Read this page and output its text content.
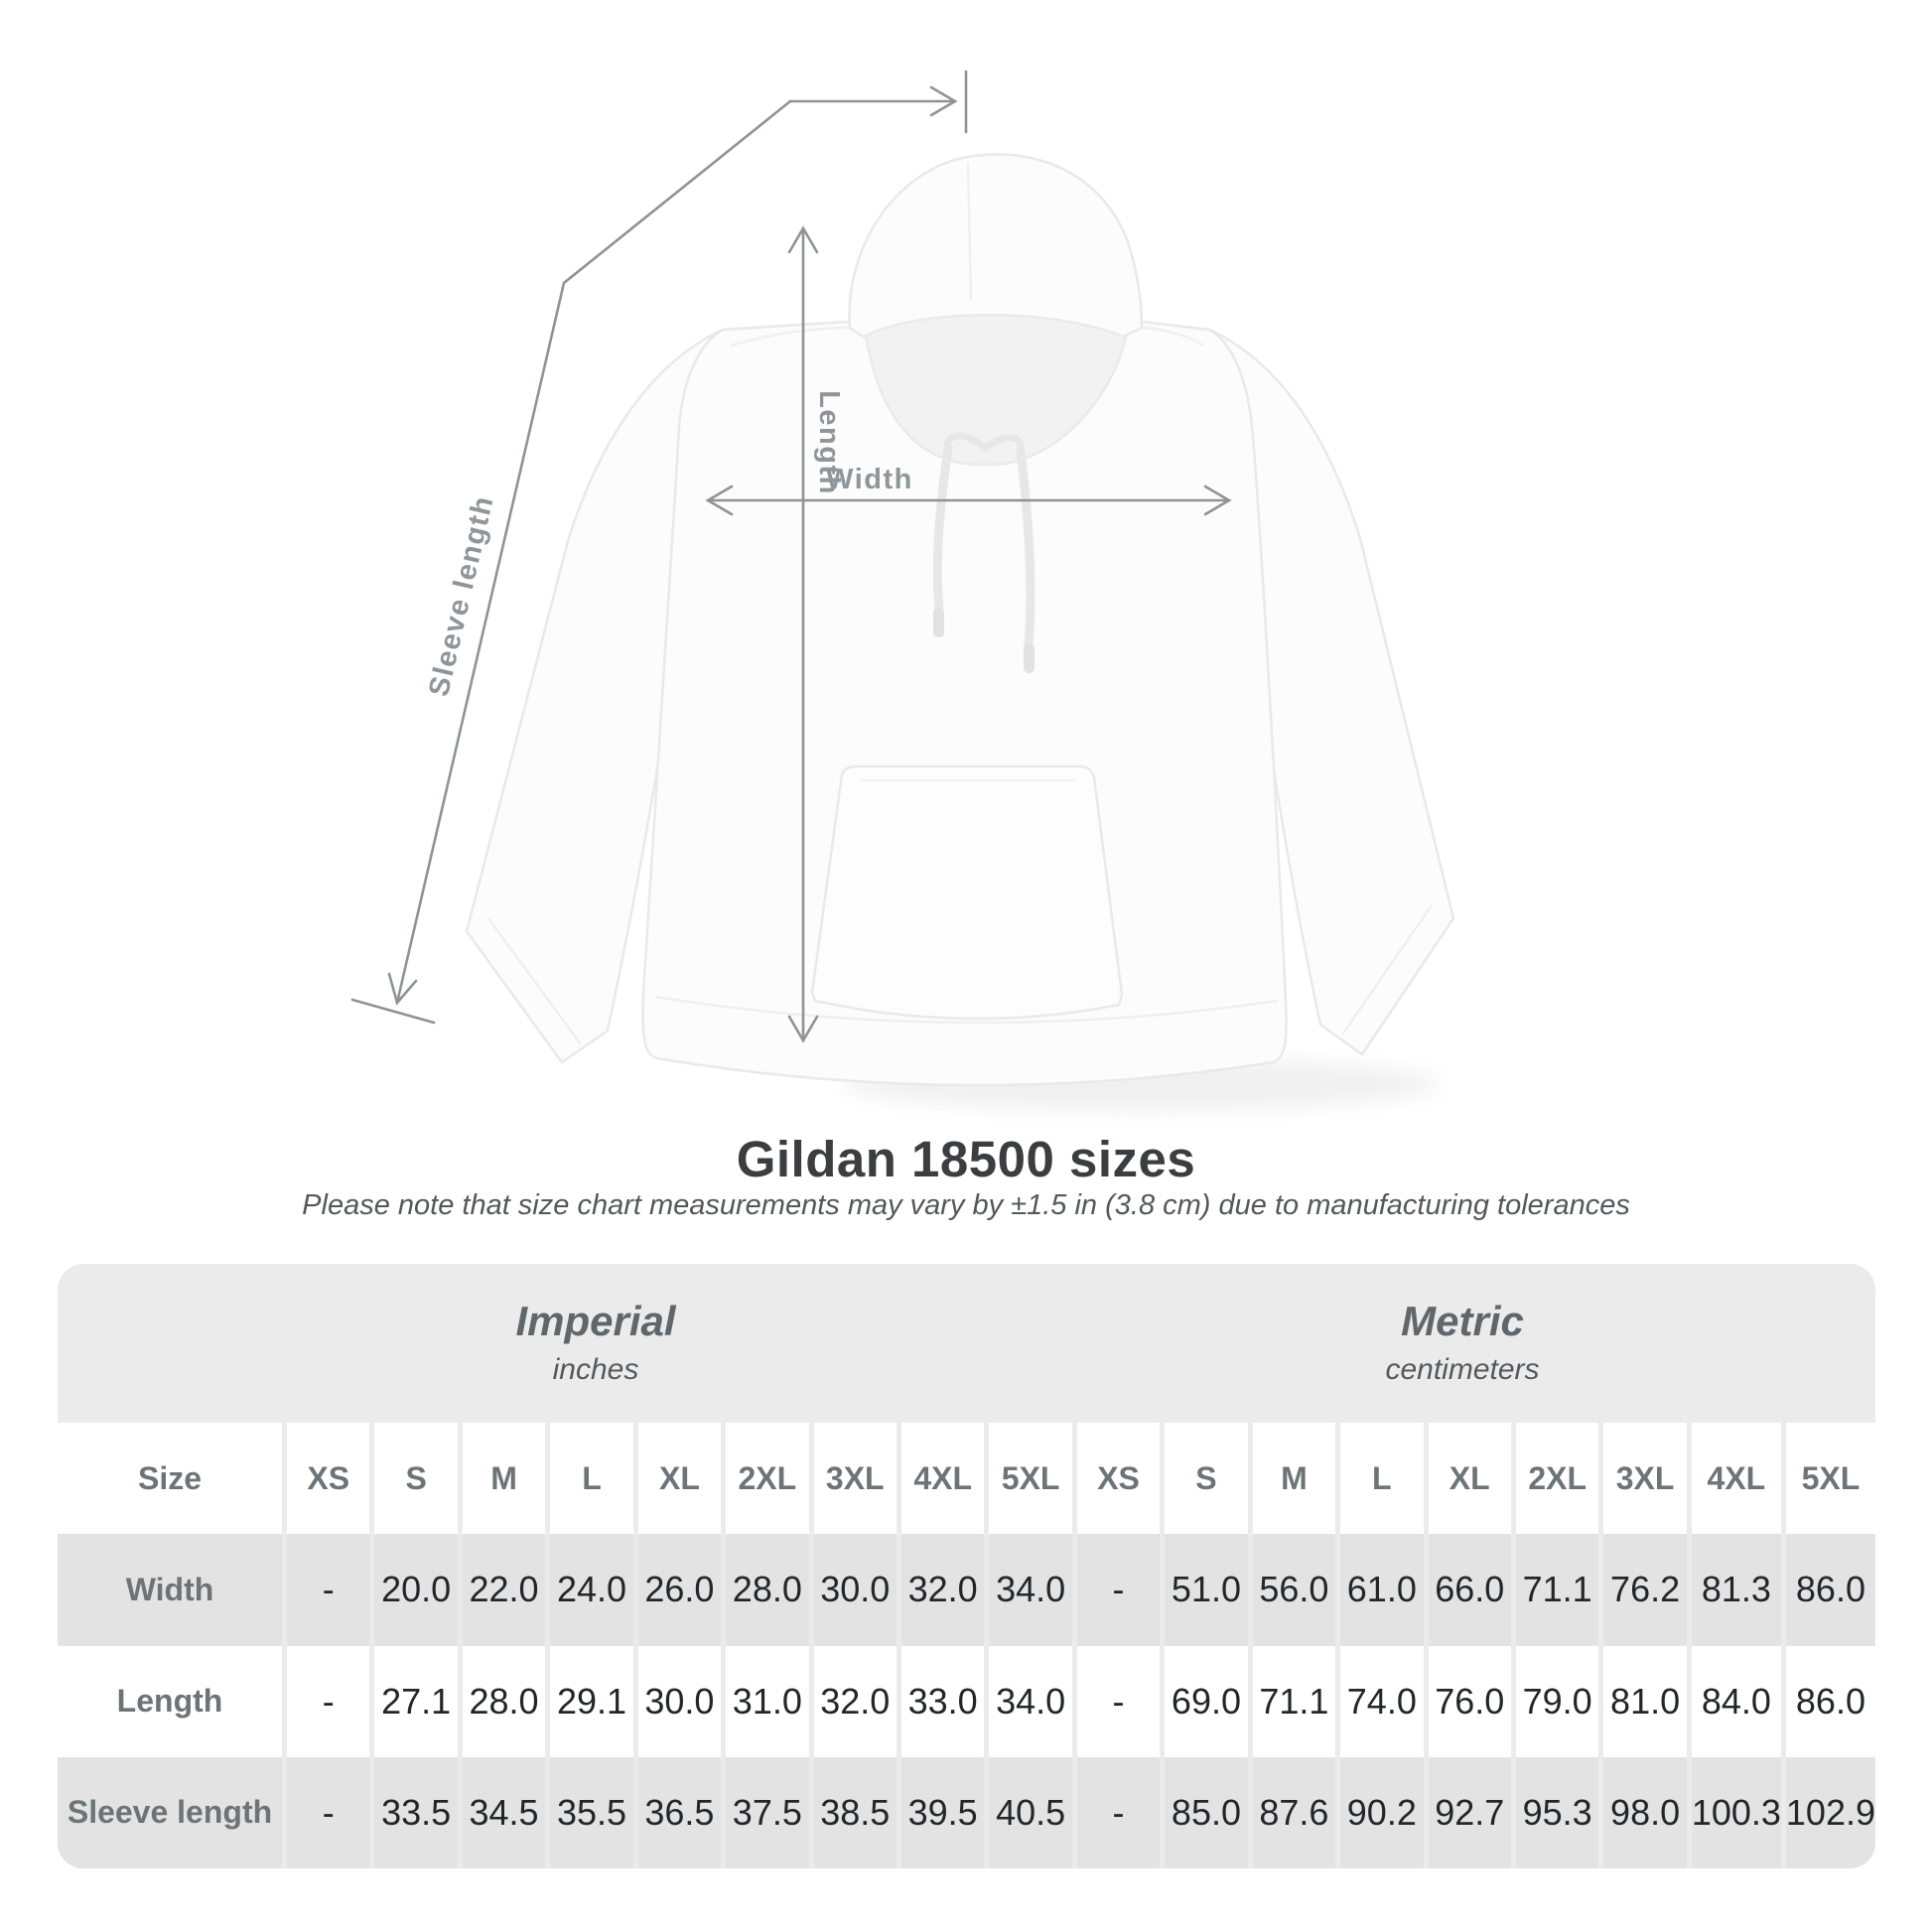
Sleeve length
Length
Width
Gildan 18500 sizes
Please note that size chart measurements may vary by ±1.5 in (3.8 cm) due to manufacturing tolerances
Imperial
inches
Metric
centimeters
Size	XS	S	M	L	XL	2XL 3XL 4XL 5XL	XS	S	M	L	XL	2XL 3XL	4XL	5XL
Width	-	20.0 22.0 24.0 26.0 28.0 30.0 32.0 34.0	-	51.0 56.0 61.0 66.0 71.1 76.2 81.3 86.0
Length	-	27.1 28.0 29.1 30.0 31.0 32.0 33.0 34.0	-	69.0 71.1 74.0 76.0 79.0 81.0 84.0 86.0
Sleeve length	-	33.5 34.5 35.5 36.5 37.5 38.5 39.5 40.5	-	85.0 87.6 90.2 92.7 95.3 98.0 100.3 102.9
